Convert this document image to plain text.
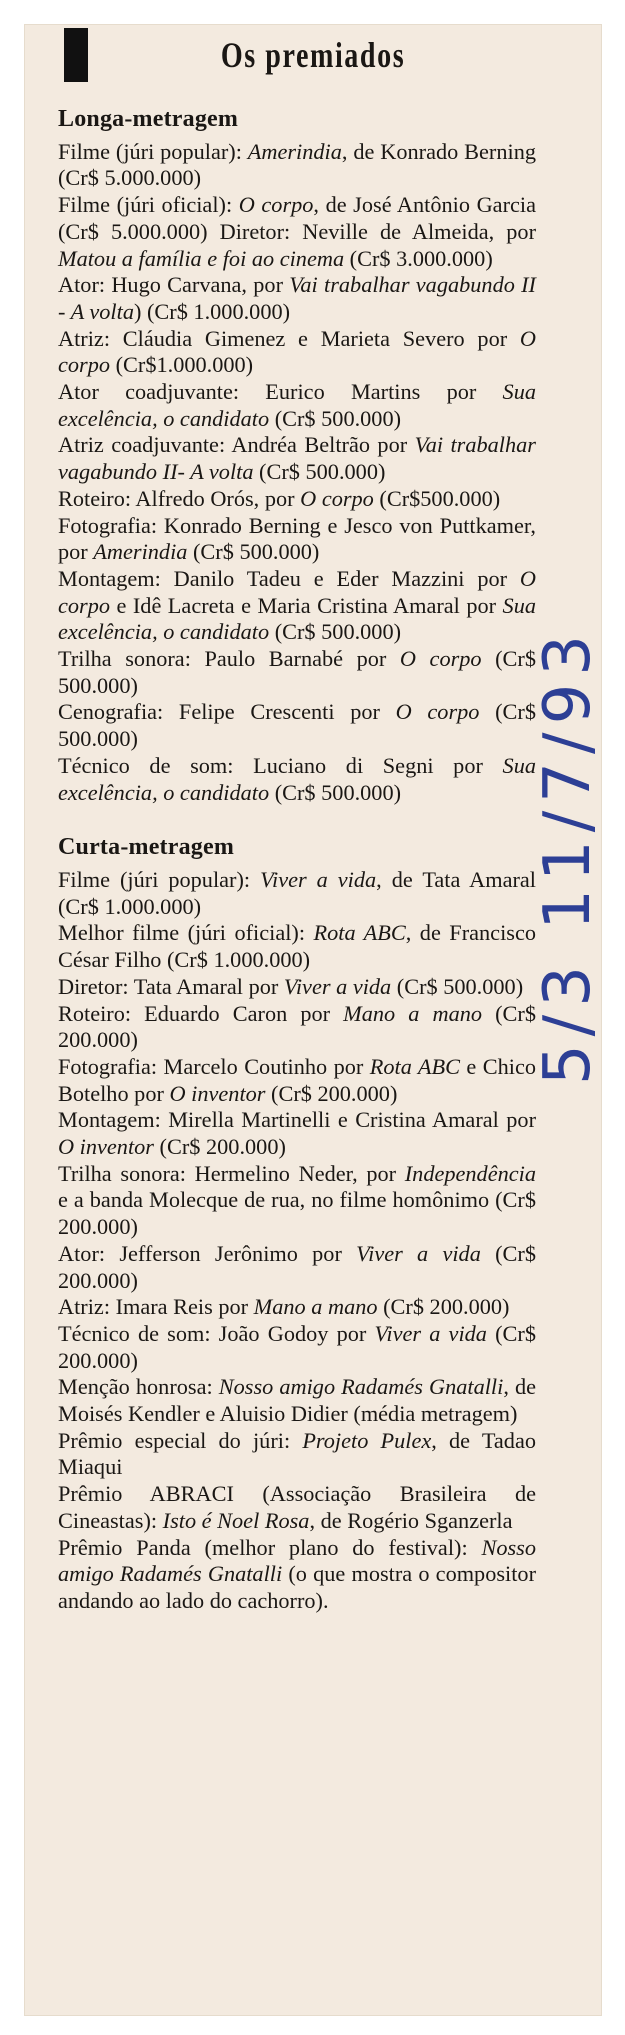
Os premiados
Longa-metragem

Filme (júri popular): Amerindia, de Konrado Berning (Cr$ 5.000.000)

Filme (júri oficial): O corpo, de José Antônio Garcia (Cr$ 5.000.000) Diretor: Neville de Almeida, por Matou a família e foi ao cinema (Cr$ 3.000.000)

Ator: Hugo Carvana, por Vai trabalhar vagabundo II - A volta) (Cr$ 1.000.000)

Atriz: Cláudia Gimenez e Marieta Severo por O corpo (Cr$1.000.000)

Ator coadjuvante: Eurico Martins por Sua excelência, o candidato (Cr$ 500.000)

Atriz coadjuvante: Andréa Beltrão por Vai trabalhar vagabundo II- A volta (Cr$ 500.000)

Roteiro: Alfredo Orós, por O corpo (Cr$500.000)

Fotografia: Konrado Berning e Jesco von Puttkamer, por Amerindia (Cr$ 500.000)

Montagem: Danilo Tadeu e Eder Mazzini por O corpo e Idê Lacreta e Maria Cristina Amaral por Sua excelência, o candidato (Cr$ 500.000)

Trilha sonora: Paulo Barnabé por O corpo (Cr$ 500.000)

Cenografia: Felipe Crescenti por O corpo (Cr$ 500.000)

Técnico de som: Luciano di Segni por Sua excelência, o candidato (Cr$ 500.000)

Curta-metragem

Filme (júri popular): Viver a vida, de Tata Amaral (Cr$ 1.000.000)

Melhor filme (júri oficial): Rota ABC, de Francisco César Filho (Cr$ 1.000.000)

Diretor: Tata Amaral por Viver a vida (Cr$ 500.000)

Roteiro: Eduardo Caron por Mano a mano (Cr$ 200.000)

Fotografia: Marcelo Coutinho por Rota ABC e Chico Botelho por O inventor (Cr$ 200.000)

Montagem: Mirella Martinelli e Cristina Amaral por O inventor (Cr$ 200.000)

Trilha sonora: Hermelino Neder, por Independência e a banda Molecque de rua, no filme homônimo (Cr$ 200.000)

Ator: Jefferson Jerônimo por Viver a vida (Cr$ 200.000)

Atriz: Imara Reis por Mano a mano (Cr$ 200.000)

Técnico de som: João Godoy por Viver a vida (Cr$ 200.000)

Menção honrosa: Nosso amigo Radamés Gnatalli, de Moisés Kendler e Aluisio Didier (média metragem)

Prêmio especial do júri: Projeto Pulex, de Tadao Miaqui

Prêmio ABRACI (Associação Brasileira de Cineastas): Isto é Noel Rosa, de Rogério Sganzerla

Prêmio Panda (melhor plano do festival): Nosso amigo Radamés Gnatalli (o que mostra o compositor andando ao lado do cachorro).

5/3 11/7/93
